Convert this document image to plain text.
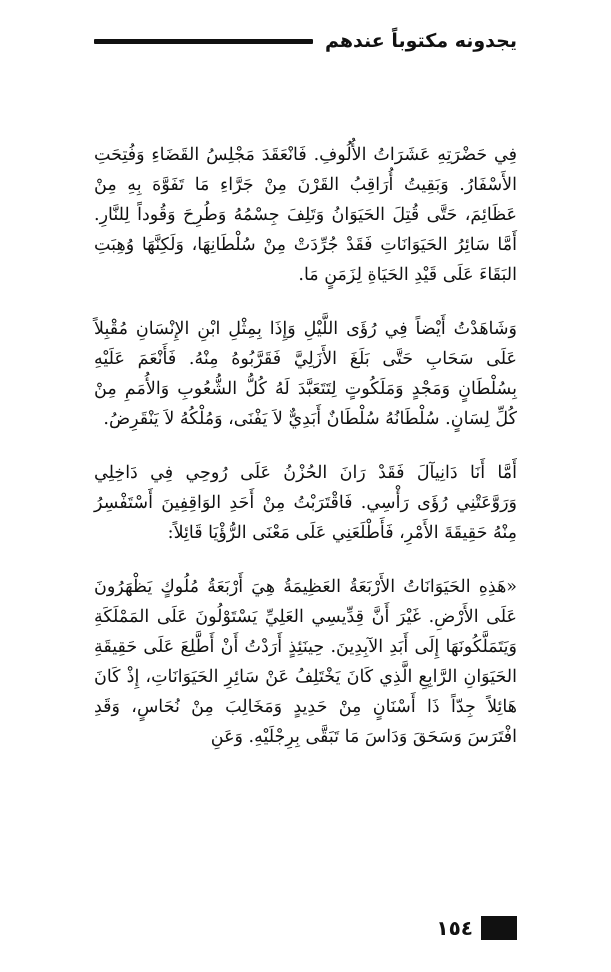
يجدونه مكتوباً عندهم

فِي حَضْرَتِهِ عَشَرَاتُ الأُلُوفِ. فَانْعَقَدَ مَجْلِسُ القَضَاءِ وَفُتِحَتِ الأَسْفَارُ. وَبَقِيتُ أُرَاقِبُ القَرْنَ مِنْ جَرَّاءِ مَا تَفَوَّهَ بِهِ مِنْ عَظَائِمَ، حَتَّى قُتِلَ الحَيَوَانُ وَتَلِفَ جِسْمُهُ وَطُرِحَ وَقُوداً لِلنَّارِ. أَمَّا سَائِرُ الحَيَوَانَاتِ فَقَدْ جُرِّدَتْ مِنْ سُلْطَانِهَا، وَلَكِنَّهَا وُهِبَتِ البَقَاءَ عَلَى قَيْدِ الحَيَاةِ لِزَمَنٍ مَا.

وَشَاهَدْتُ أَيْضاً فِي رُؤَى اللَّيْلِ وَإِذَا بِمِثْلِ ابْنِ الإِنْسَانِ مُقْبِلاً عَلَى سَحَابِ حَتَّى بَلَغَ الأَزَلِيَّ فَقَرَّبُوهُ مِنْهُ. فَأَنْعَمَ عَلَيْهِ بِسُلْطَانٍ وَمَجْدٍ وَمَلَكُوتٍ لِتَتَعَبَّدَ لَهُ كُلُّ الشُّعُوبِ وَالأُمَمِ مِنْ كُلِّ لِسَانٍ. سُلْطَانُهُ سُلْطَانٌ أَبَدِيٌّ لاَ يَفْنَى، وَمُلْكُهُ لاَ يَنْقَرِضُ.

أَمَّا أَنَا دَانِيآلَ فَقَدْ رَانَ الحُزْنُ عَلَى رُوحِي فِي دَاخِلِي وَرَوَّعَتْنِي رُؤَى رَأْسِي. فَاقْتَرَبْتُ مِنْ أَحَدِ الوَاقِفِينَ أَسْتَفْسِرُ مِنْهُ حَقِيقَةَ الأَمْرِ، فَأَطْلَعَنِي عَلَى مَعْنَى الرُّؤْيَا قَائِلاً:

«هَذِهِ الحَيَوَانَاتُ الأَرْبَعَةُ العَظِيمَةُ هِيَ أَرْبَعَةُ مُلُوكٍ يَظْهَرُونَ عَلَى الأَرْضِ. غَيْرَ أَنَّ قِدِّيسِي العَلِيِّ يَسْتَوْلُونَ عَلَى المَمْلَكَةِ وَيَتَمَلَّكُونَهَا إِلَى أَبَدِ الآبِدِينَ. حِينَئِذٍ أَرَدْتُ أَنْ أَطَّلِعَ عَلَى حَقِيقَةِ الحَيَوَانِ الرَّابِعِ الَّذِي كَانَ يَخْتَلِفُ عَنْ سَائِرِ الحَيَوَانَاتِ، إِذْ كَانَ هَائِلاً جِدّاً ذَا أَسْنَانٍ مِنْ حَدِيدٍ وَمَخَالِبَ مِنْ نُحَاسٍ، وَقَدِ افْتَرَسَ وَسَحَقَ وَدَاسَ مَا تَبَقَّى بِرِجْلَيْهِ. وَعَنِ

١٥٤
